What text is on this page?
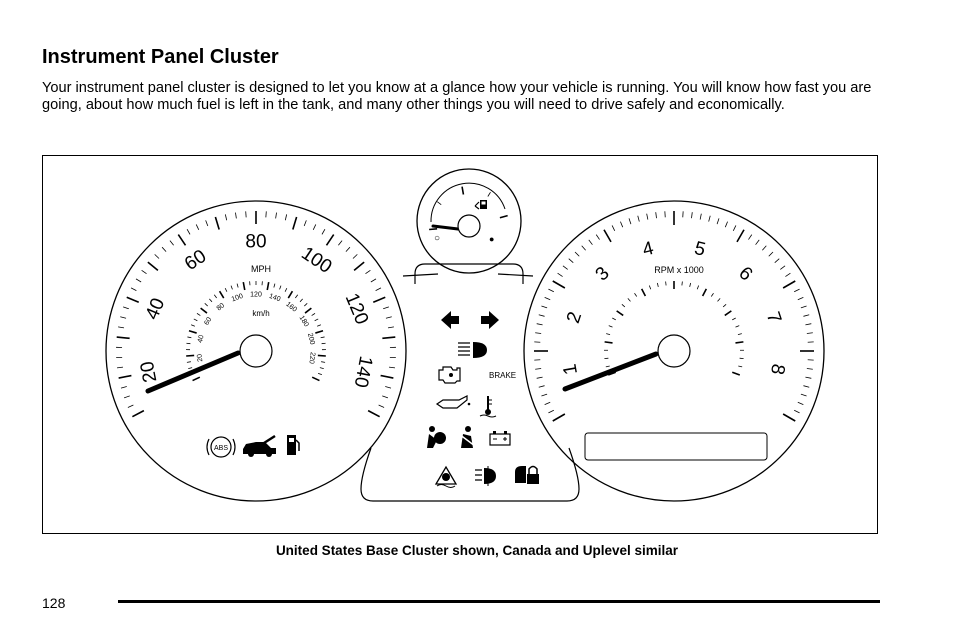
Instrument Panel Cluster

Your instrument panel cluster is designed to let you know at a glance how your vehicle is running. You will know how fast you are going, about how much fuel is left in the tank, and many other things you will need to drive safely and economically.

20
40
60
80
100
120
140
20
40
60
80
100 120 140
160
180
200
220
MPH
km/h
1
2
3
4 5
6
7
8
RPM x 1000
○	●
BRAKE
ABS
United States Base Cluster shown, Canada and Uplevel similar
128
